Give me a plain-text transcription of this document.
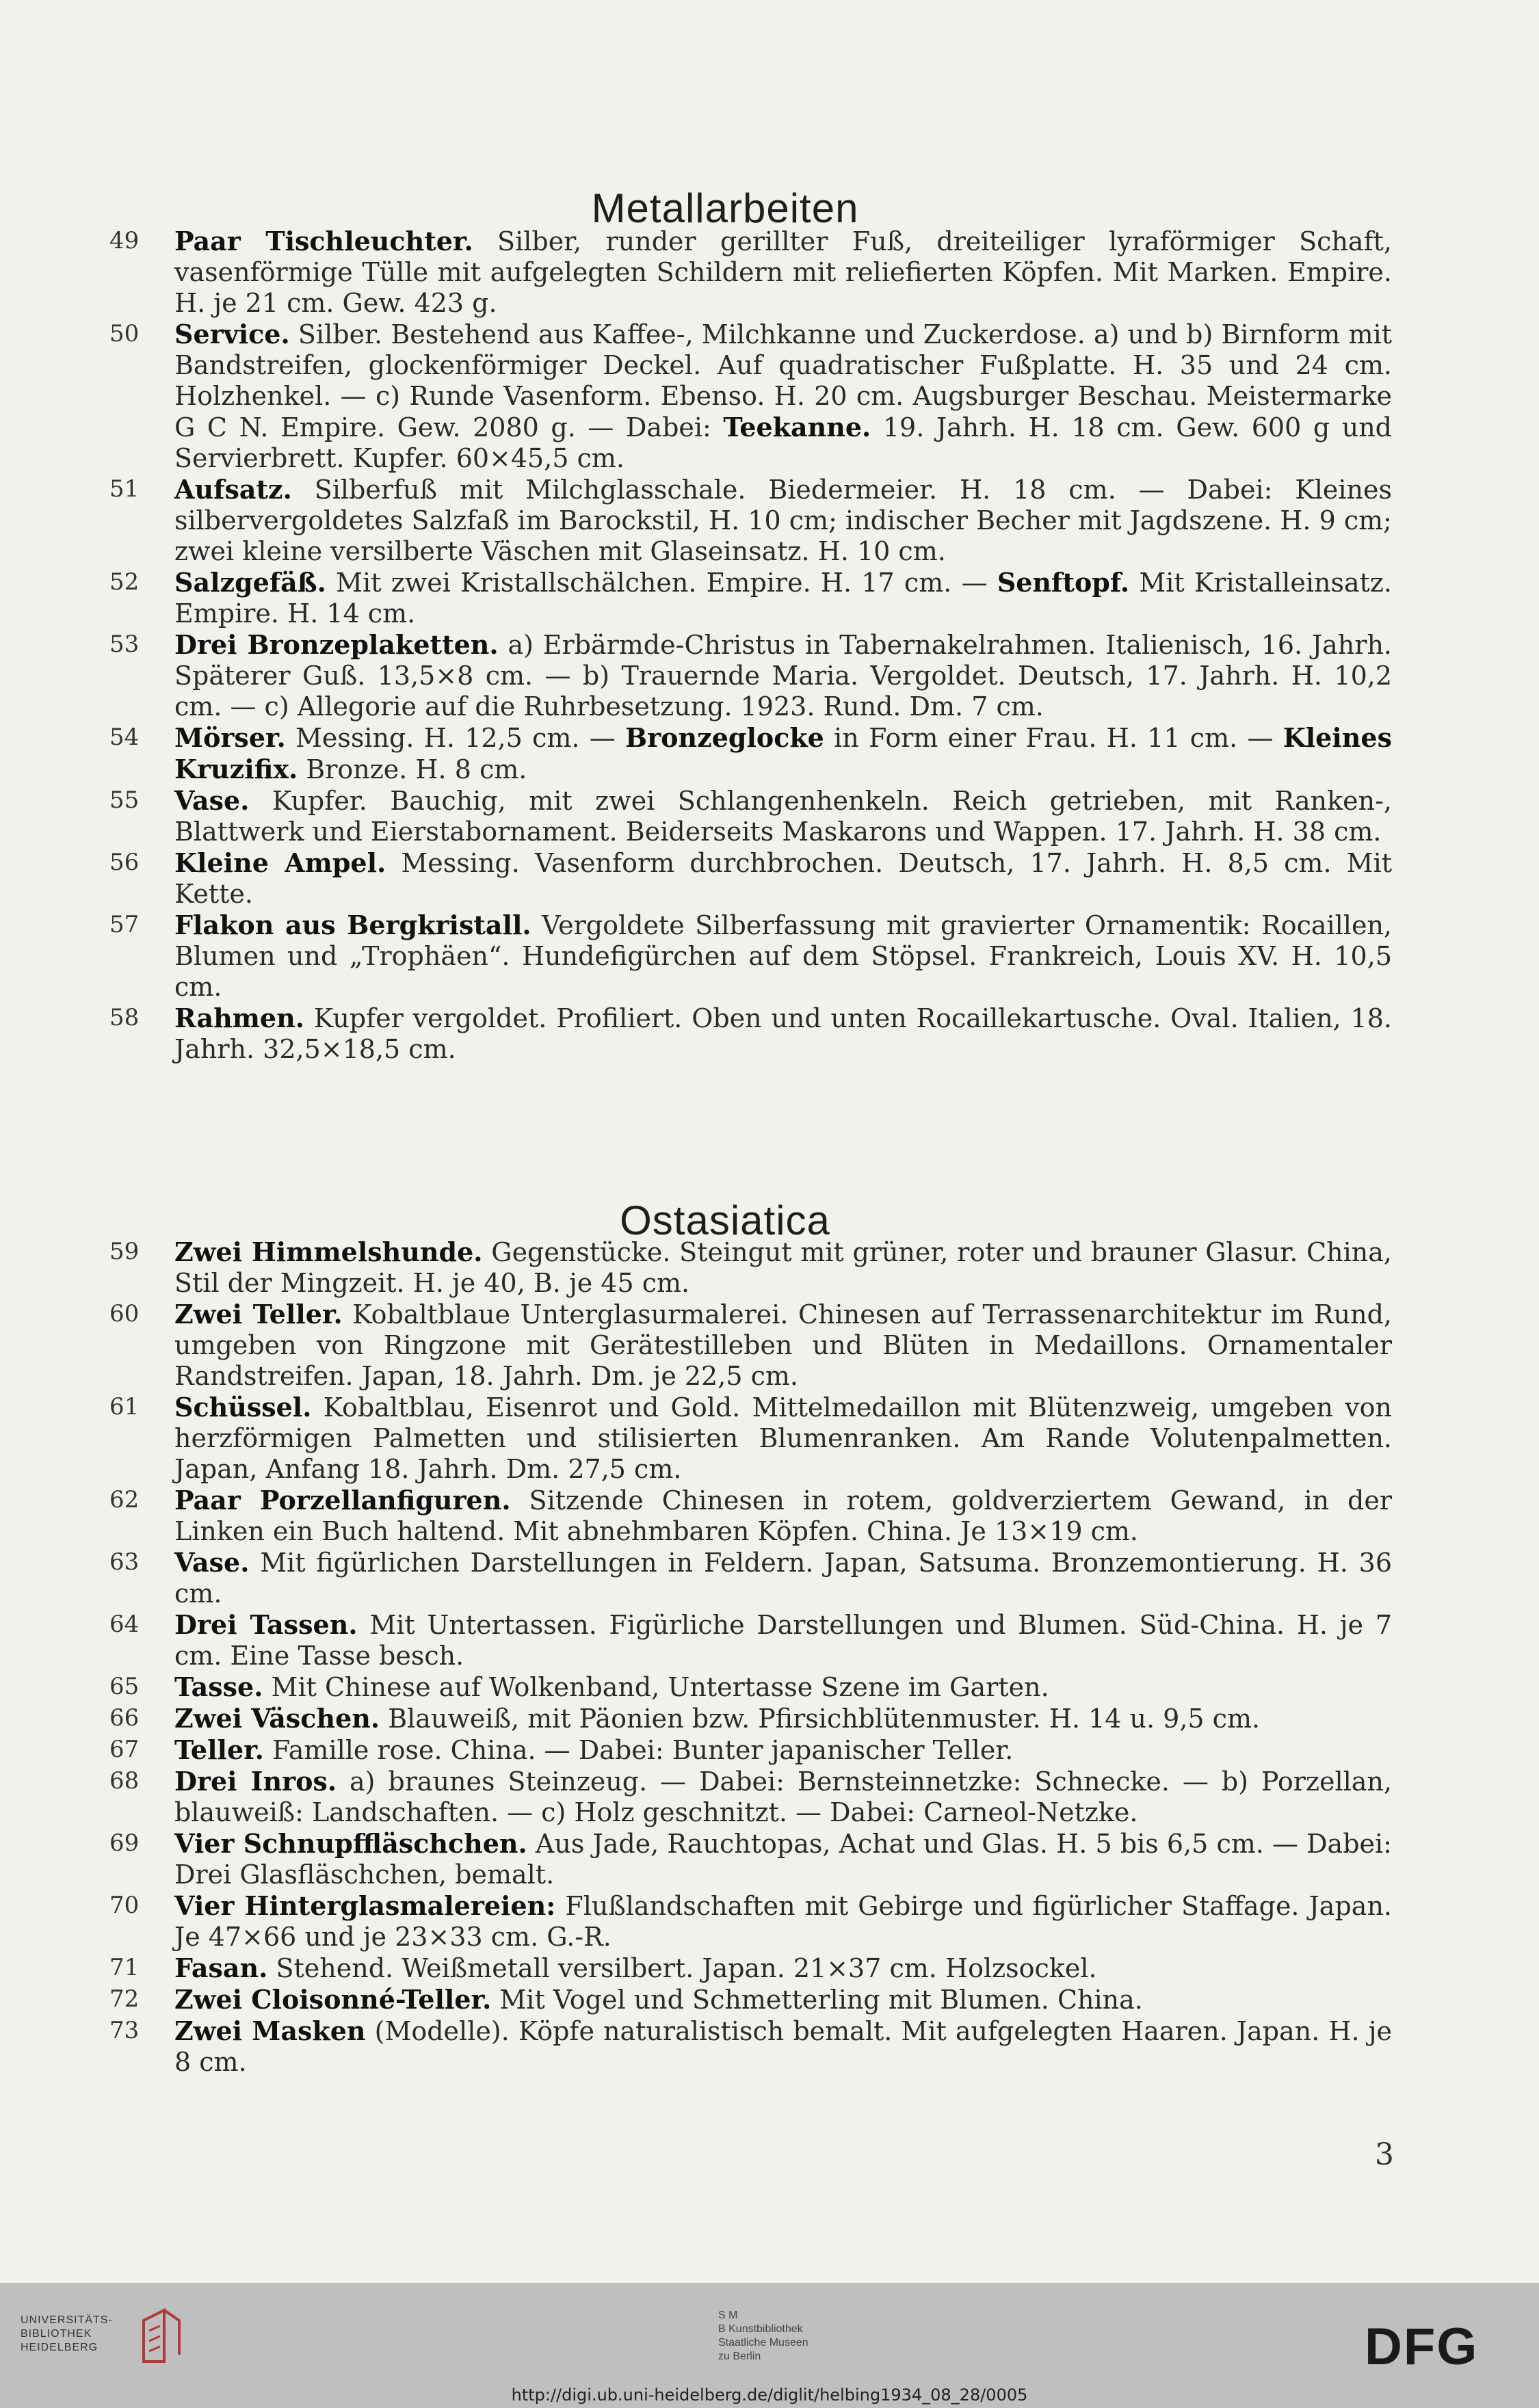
Metallarbeiten
49 Paar Tischleuchter. Silber, runder gerillter Fuß, dreiteiliger lyraförmiger Schaft, vasenförmige Tülle mit aufgelegten Schildern mit reliefierten Köpfen. Mit Marken. Empire. H. je 21 cm. Gew. 423 g.
50 Service. Silber. Bestehend aus Kaffee-, Milchkanne und Zuckerdose. a) und b) Birnform mit Bandstreifen, glockenförmiger Deckel. Auf quadratischer Fußplatte. H. 35 und 24 cm. Holzhenkel. — c) Runde Vasenform. Ebenso. H. 20 cm. Augsburger Beschau. Meistermarke G C N. Empire. Gew. 2080 g. — Dabei: Teekanne. 19. Jahrh. H. 18 cm. Gew. 600 g und Servierbrett. Kupfer. 60×45,5 cm.
51 Aufsatz. Silberfuß mit Milchglasschale. Biedermeier. H. 18 cm. — Dabei: Kleines silbervergoldetes Salzfaß im Barockstil, H. 10 cm; indischer Becher mit Jagdszene. H. 9 cm; zwei kleine versilberte Väschen mit Glaseinsatz. H. 10 cm.
52 Salzgefäß. Mit zwei Kristallschälchen. Empire. H. 17 cm. — Senftopf. Mit Kristalleinsatz. Empire. H. 14 cm.
53 Drei Bronzeplaketten. a) Erbärmde-Christus in Tabernakelrahmen. Italienisch, 16. Jahrh. Späterer Guß. 13,5×8 cm. — b) Trauernde Maria. Vergoldet. Deutsch, 17. Jahrh. H. 10,2 cm. — c) Allegorie auf die Ruhrbesetzung. 1923. Rund. Dm. 7 cm.
54 Mörser. Messing. H. 12,5 cm. — Bronzeglocke in Form einer Frau. H. 11 cm. — Kleines Kruzifix. Bronze. H. 8 cm.
55 Vase. Kupfer. Bauchig, mit zwei Schlangenhenkeln. Reich getrieben, mit Ranken-, Blattwerk und Eierstabornament. Beiderseits Maskarons und Wappen. 17. Jahrh. H. 38 cm.
56 Kleine Ampel. Messing. Vasenform durchbrochen. Deutsch, 17. Jahrh. H. 8,5 cm. Mit Kette.
57 Flakon aus Bergkristall. Vergoldete Silberfassung mit gravierter Ornamentik: Rocaillen, Blumen und „Trophäen“. Hundefigürchen auf dem Stöpsel. Frankreich, Louis XV. H. 10,5 cm.
58 Rahmen. Kupfer vergoldet. Profiliert. Oben und unten Rocaillekartusche. Oval. Italien, 18. Jahrh. 32,5×18,5 cm.
Ostasiatica
59 Zwei Himmelshunde. Gegenstücke. Steingut mit grüner, roter und brauner Glasur. China, Stil der Mingzeit. H. je 40, B. je 45 cm.
60 Zwei Teller. Kobaltblaue Unterglasurmalerei. Chinesen auf Terrassenarchitektur im Rund, umgeben von Ringzone mit Gerätestilleben und Blüten in Medaillons. Ornamentaler Randstreifen. Japan, 18. Jahrh. Dm. je 22,5 cm.
61 Schüssel. Kobaltblau, Eisenrot und Gold. Mittelmedaillon mit Blütenzweig, umgeben von herzförmigen Palmetten und stilisierten Blumenranken. Am Rande Volutenpalmetten. Japan, Anfang 18. Jahrh. Dm. 27,5 cm.
62 Paar Porzellanfiguren. Sitzende Chinesen in rotem, goldverziertem Gewand, in der Linken ein Buch haltend. Mit abnehmbaren Köpfen. China. Je 13×19 cm.
63 Vase. Mit figürlichen Darstellungen in Feldern. Japan, Satsuma. Bronzemontierung. H. 36 cm.
64 Drei Tassen. Mit Untertassen. Figürliche Darstellungen und Blumen. Süd-China. H. je 7 cm. Eine Tasse besch.
65 Tasse. Mit Chinese auf Wolkenband, Untertasse Szene im Garten.
66 Zwei Väschen. Blauweiß, mit Päonien bzw. Pfirsichblütenmuster. H. 14 u. 9,5 cm.
67 Teller. Famille rose. China. — Dabei: Bunter japanischer Teller.
68 Drei Inros. a) braunes Steinzeug. — Dabei: Bernsteinnetzke: Schnecke. — b) Porzellan, blauweiß: Landschaften. — c) Holz geschnitzt. — Dabei: Carneol-Netzke.
69 Vier Schnupffläschchen. Aus Jade, Rauchtopas, Achat und Glas. H. 5 bis 6,5 cm. — Dabei: Drei Glasfläschchen, bemalt.
70 Vier Hinterglasmalereien: Flußlandschaften mit Gebirge und figürlicher Staffage. Japan. Je 47×66 und je 23×33 cm. G.-R.
71 Fasan. Stehend. Weißmetall versilbert. Japan. 21×37 cm. Holzsockel.
72 Zwei Cloisonné-Teller. Mit Vogel und Schmetterling mit Blumen. China.
73 Zwei Masken (Modelle). Köpfe naturalistisch bemalt. Mit aufgelegten Haaren. Japan. H. je 8 cm.
3
UNIVERSITÄTS-
BIBLIOTHEK
HEIDELBERG
S M
B Kunstbibliothek
Staatliche Museen
zu Berlin	DFG
http://digi.ub.uni-heidelberg.de/diglit/helbing1934_08_28/0005
